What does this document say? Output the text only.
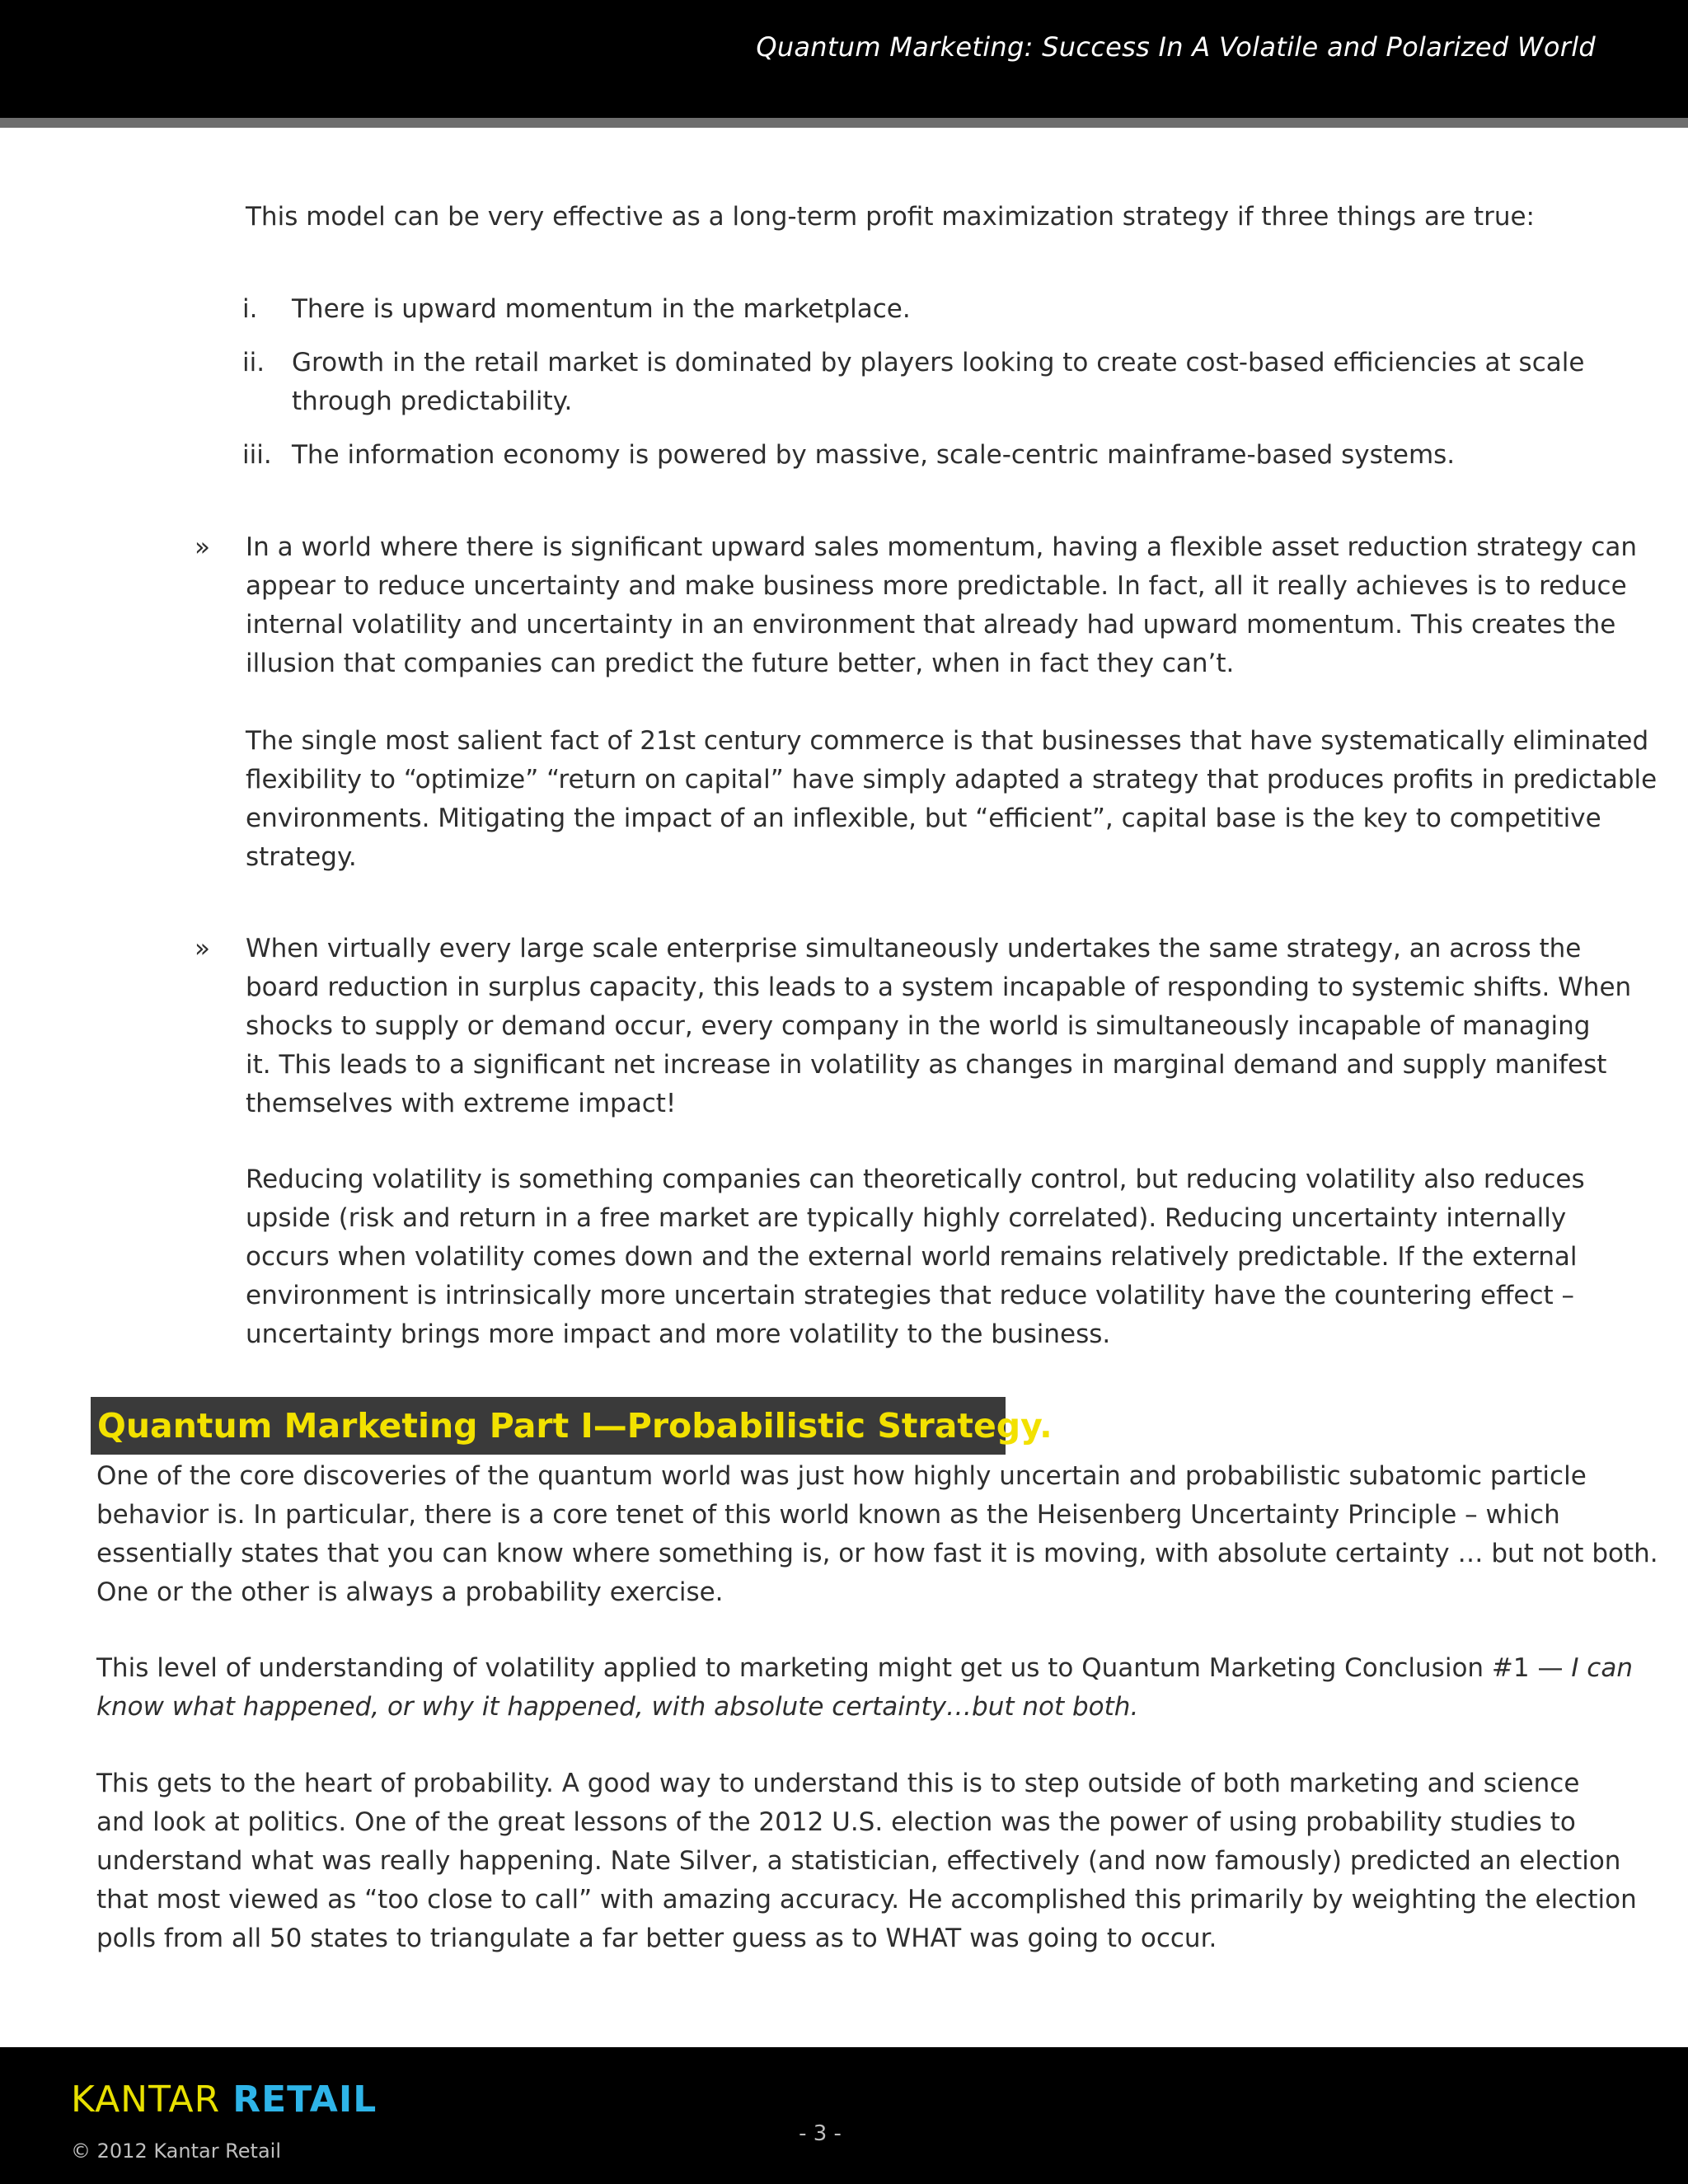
Quantum Marketing: Success In A Volatile and Polarized World

This model can be very effective as a long-term profit maximization strategy if three things are true:

i. There is upward momentum in the marketplace.

ii. Growth in the retail market is dominated by players looking to create cost-based efficiencies at scale

through predictability.

iii. The information economy is powered by massive, scale-centric mainframe-based systems.

» In a world where there is significant upward sales momentum, having a flexible asset reduction strategy can

appear to reduce uncertainty and make business more predictable. In fact, all it really achieves is to reduce

internal volatility and uncertainty in an environment that already had upward momentum. This creates the

illusion that companies can predict the future better, when in fact they can’t.

The single most salient fact of 21st century commerce is that businesses that have systematically eliminated

flexibility to “optimize” “return on capital” have simply adapted a strategy that produces profits in predictable

environments. Mitigating the impact of an inflexible, but “efficient”, capital base is the key to competitive

strategy.

» When virtually every large scale enterprise simultaneously undertakes the same strategy, an across the

board reduction in surplus capacity, this leads to a system incapable of responding to systemic shifts. When

shocks to supply or demand occur, every company in the world is simultaneously incapable of managing

it. This leads to a significant net increase in volatility as changes in marginal demand and supply manifest

themselves with extreme impact!

Reducing volatility is something companies can theoretically control, but reducing volatility also reduces

upside (risk and return in a free market are typically highly correlated). Reducing uncertainty internally

occurs when volatility comes down and the external world remains relatively predictable. If the external

environment is intrinsically more uncertain strategies that reduce volatility have the countering effect –

uncertainty brings more impact and more volatility to the business.

Quantum Marketing Part I—Probabilistic Strategy.

One of the core discoveries of the quantum world was just how highly uncertain and probabilistic subatomic particle

behavior is. In particular, there is a core tenet of this world known as the Heisenberg Uncertainty Principle – which

essentially states that you can know where something is, or how fast it is moving, with absolute certainty … but not both.

One or the other is always a probability exercise.

This level of understanding of volatility applied to marketing might get us to Quantum Marketing Conclusion #1 — I can

know what happened, or why it happened, with absolute certainty…but not both.

This gets to the heart of probability. A good way to understand this is to step outside of both marketing and science

and look at politics. One of the great lessons of the 2012 U.S. election was the power of using probability studies to

understand what was really happening. Nate Silver, a statistician, effectively (and now famously) predicted an election

that most viewed as “too close to call” with amazing accuracy. He accomplished this primarily by weighting the election

polls from all 50 states to triangulate a far better guess as to WHAT was going to occur.

KANTAR RETAIL
- 3 -
© 2012 Kantar Retail
